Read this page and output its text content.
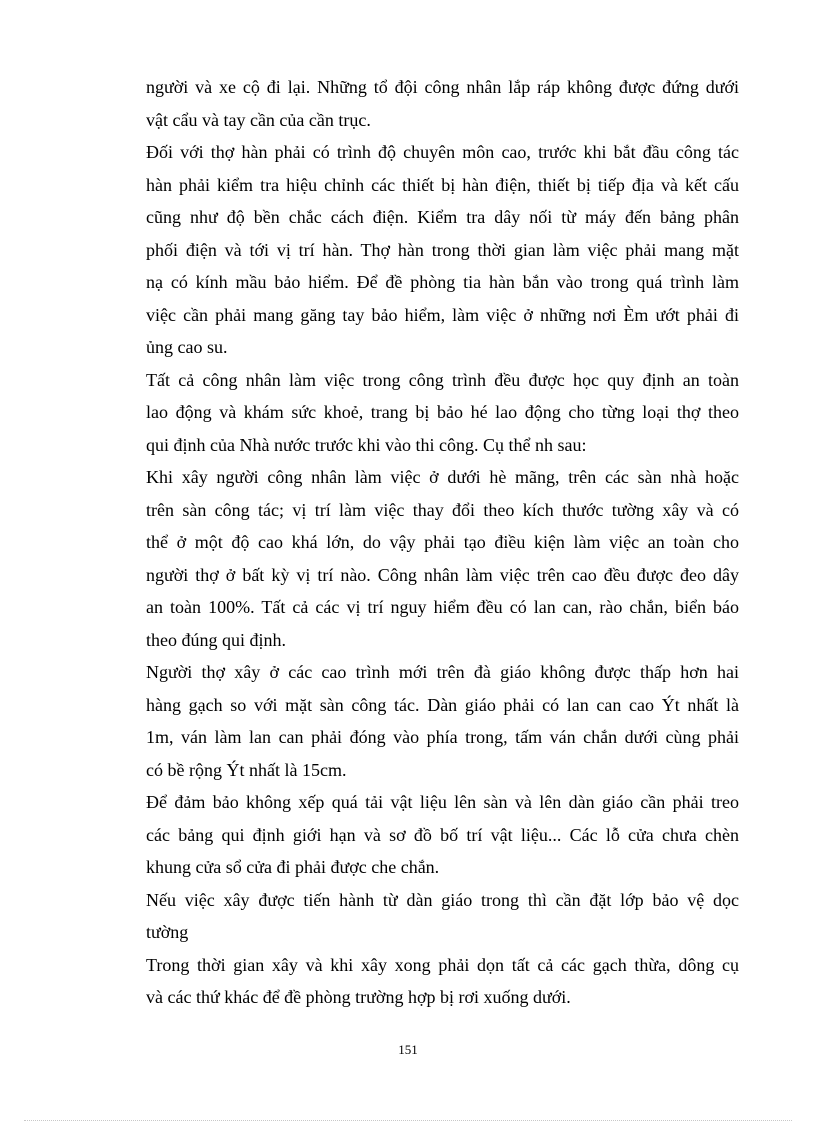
người và xe cộ đi lại. Những tổ đội công nhân lắp ráp không được đứng dưới
vật cẩu và tay cần của cần trục.
Đối với thợ hàn phải có trình độ chuyên môn cao, trước khi bắt đầu công tác
hàn phải kiểm tra hiệu chỉnh các thiết bị hàn điện, thiết bị tiếp địa và kết cấu
cũng như độ bền chắc cách điện. Kiểm tra dây nối từ máy đến bảng phân
phối điện và tới vị trí hàn. Thợ hàn trong thời gian làm việc phải mang mặt
nạ có kính mầu bảo hiểm. Để đề phòng tia hàn bắn vào trong quá trình làm
việc cần phải mang găng tay bảo hiểm, làm việc ở những nơi Èm ướt phải đi
ủng cao su.
Tất cả công nhân làm việc trong công trình đều được học quy định an toàn
lao động và khám sức khoẻ, trang bị bảo hé lao động cho từng loại thợ theo
qui định của Nhà nước trước khi vào thi công. Cụ thể nh sau:
Khi xây người công nhân làm việc ở dưới hè mãng, trên các sàn nhà hoặc
trên sàn công tác; vị trí làm việc thay đổi theo kích thước tường xây và có
thể ở một độ cao khá lớn, do vậy phải tạo điều kiện làm việc an toàn cho
người thợ ở bất kỳ vị trí nào. Công nhân làm việc trên cao đều được đeo dây
an toàn 100%. Tất cả các vị trí nguy hiểm đều có lan can, rào chắn, biển báo
theo đúng qui định.
Người thợ xây ở các cao trình mới trên đà giáo không được thấp hơn hai
hàng gạch so với mặt sàn công tác. Dàn giáo phải có lan can cao Ýt nhất là
1m, ván làm lan can phải đóng vào phía trong, tấm ván chắn dưới cùng phải
có bề rộng Ýt nhất là 15cm.
Để đảm bảo không xếp quá tải vật liệu lên sàn và lên dàn giáo cần phải treo
các bảng qui định giới hạn và sơ đồ bố trí vật liệu... Các lỗ cửa chưa chèn
khung cửa sổ cửa đi phải được che chắn.
Nếu việc xây được tiến hành từ dàn giáo trong thì cần đặt lớp bảo vệ dọc
tường
Trong thời gian xây và khi xây xong phải dọn tất cả các gạch thừa, dông cụ
và các thứ khác để đề phòng trường hợp bị rơi xuống dưới.
151
